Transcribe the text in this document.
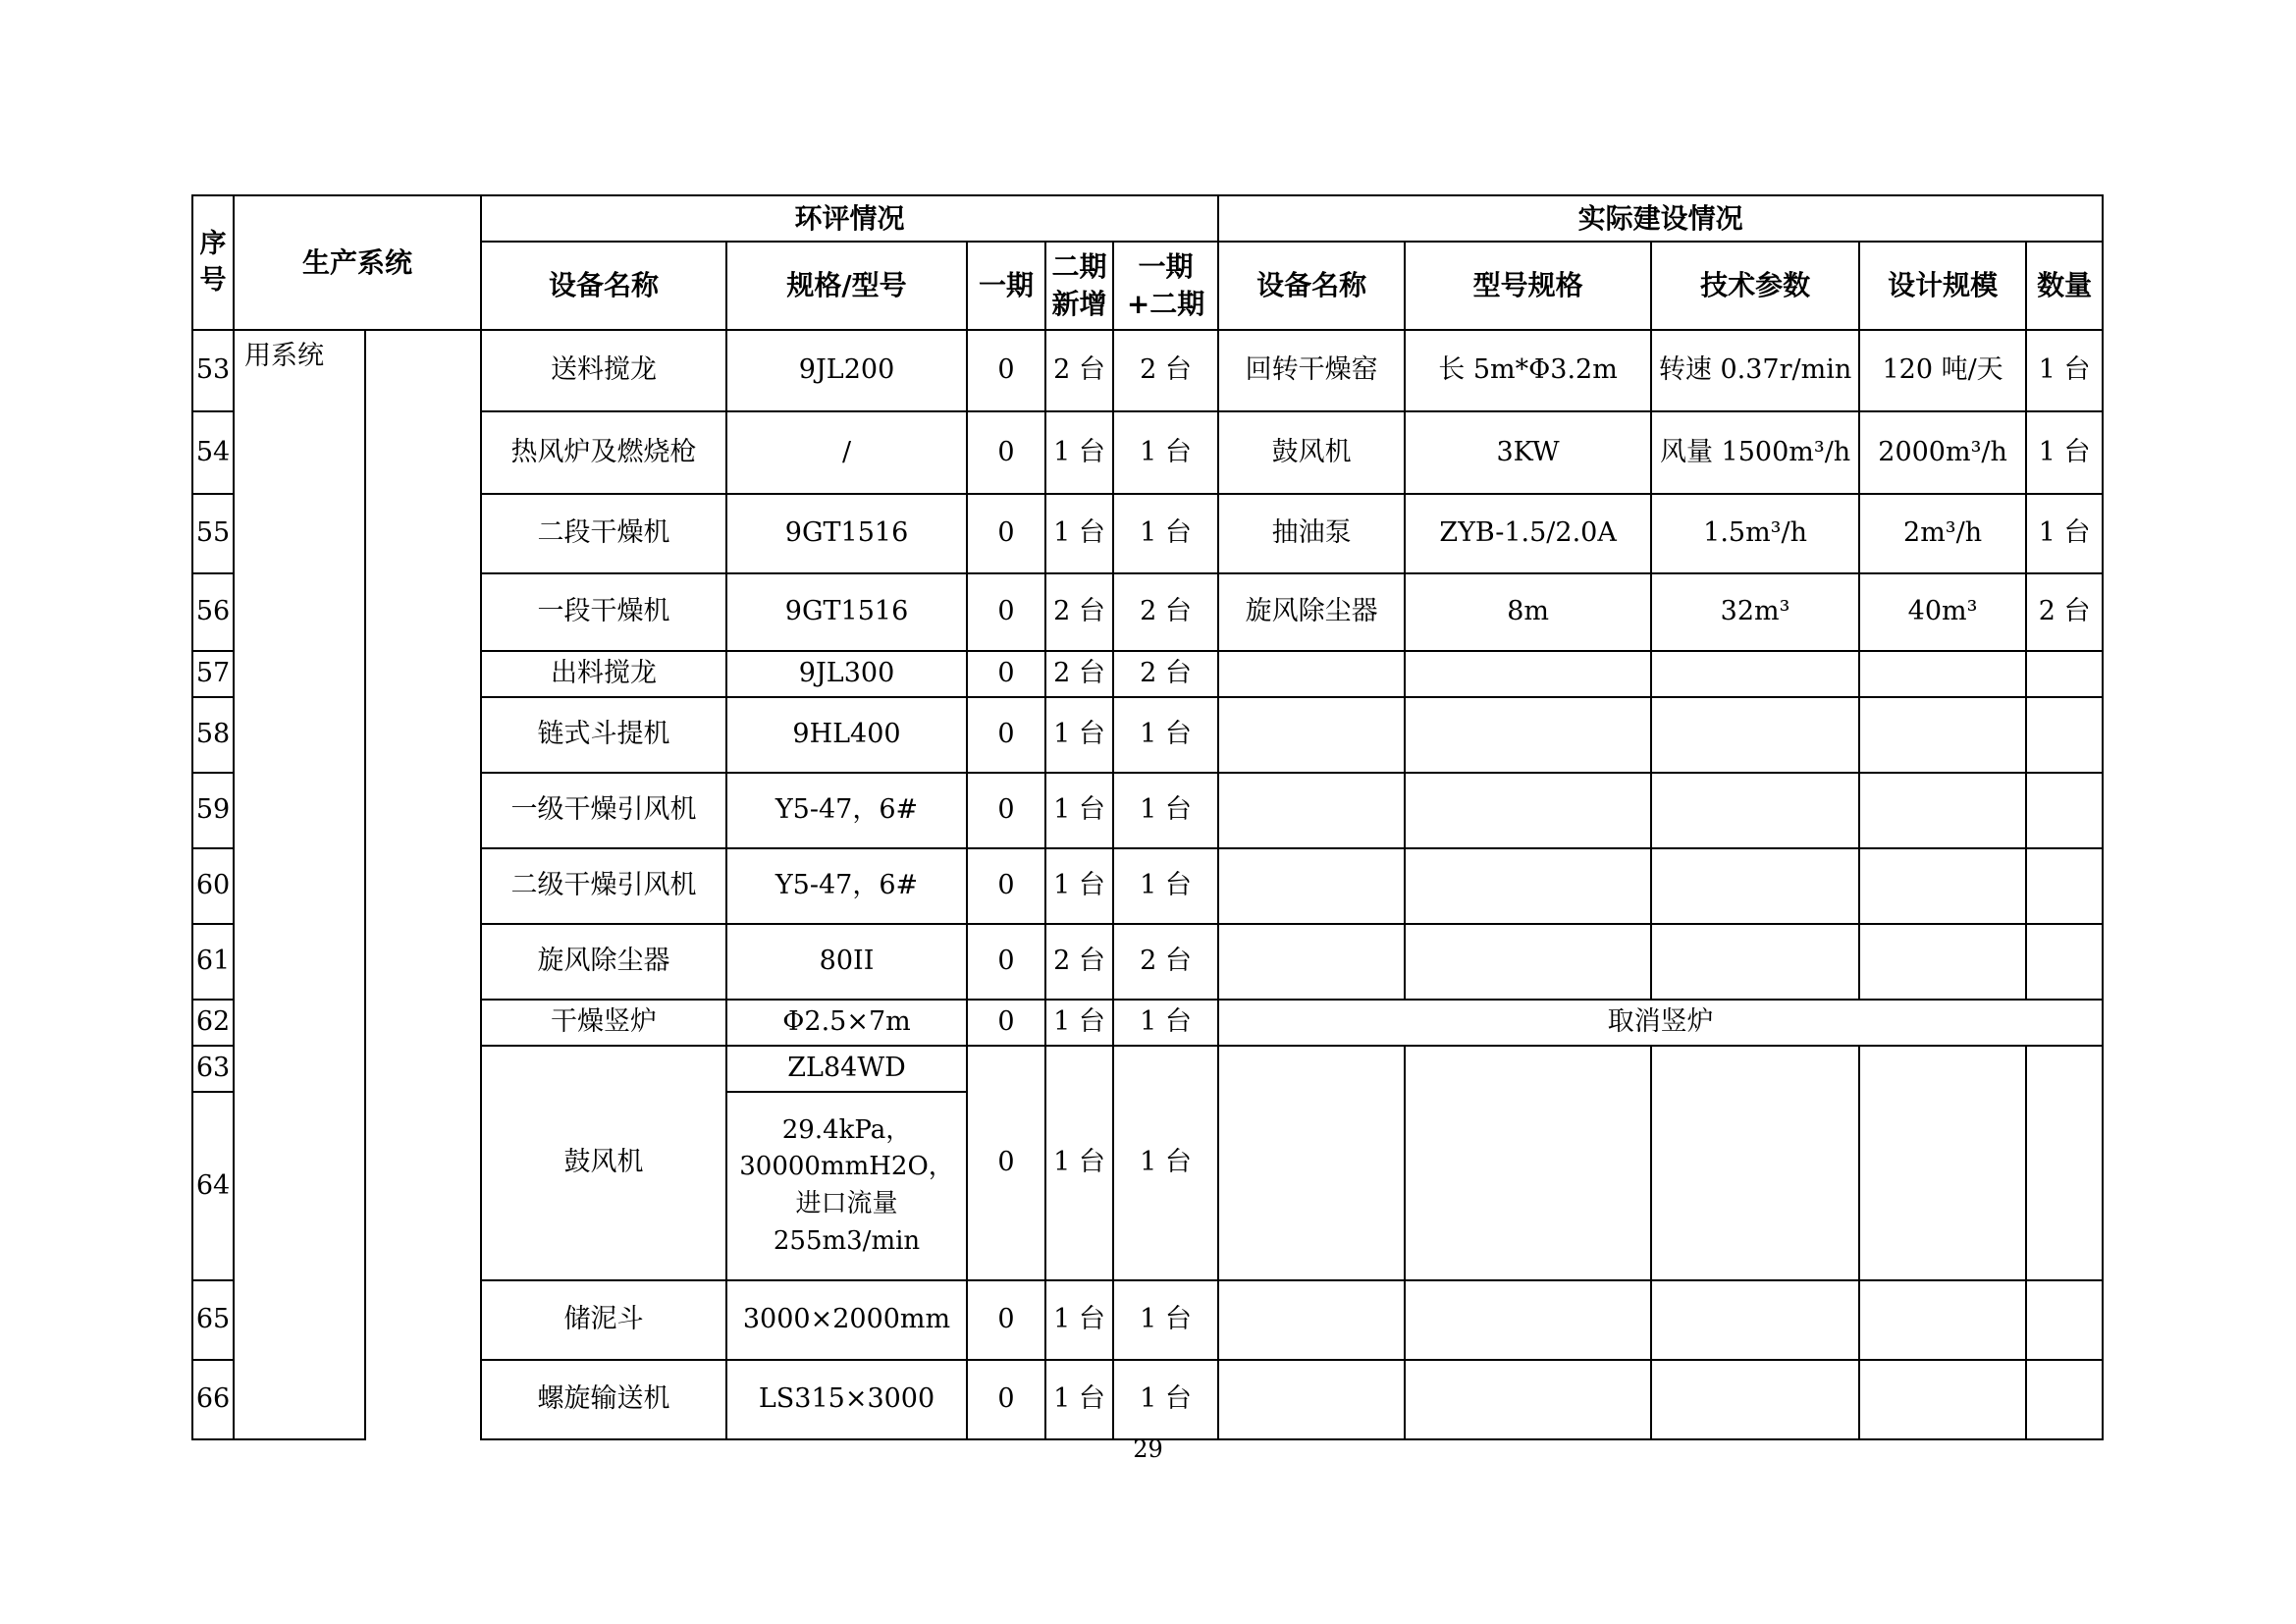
序号	生产系统		环评情况					实际建设情况				
			设备名称	规格/型号	一期	二期新增	一期+二期	设备名称	型号规格	技术参数	设计规模	数量
53	用系统		送料搅龙	9JL200	0	2 台	2 台	回转干燥窑	长 5m*Φ3.2m	转速 0.37r/min	120 吨/天	1 台
54			热风炉及燃烧枪	/	0	1 台	1 台	鼓风机	3KW	风量 1500m³/h	2000m³/h	1 台
55			二段干燥机	9GT1516	0	1 台	1 台	抽油泵	ZYB-1.5/2.0A	1.5m³/h	2m³/h	1 台
56			一段干燥机	9GT1516	0	2 台	2 台	旋风除尘器	8m	32m³	40m³	2 台
57			出料搅龙	9JL300	0	2 台	2 台					
58			链式斗提机	9HL400	0	1 台	1 台					
59			一级干燥引风机	Y5-47，6#	0	1 台	1 台					
60			二级干燥引风机	Y5-47，6#	0	1 台	1 台					
61			旋风除尘器	80II	0	2 台	2 台					
62			干燥竖炉	Φ2.5×7m	0	1 台	1 台	取消竖炉				
63			鼓风机	ZL84WD	0	1 台	1 台					
64				29.4kPa，30000mmH2O，进口流量 255m3/min								
65			储泥斗	3000×2000mm	0	1 台	1 台					
66			螺旋输送机	LS315×3000	0	1 台	1 台					
29
